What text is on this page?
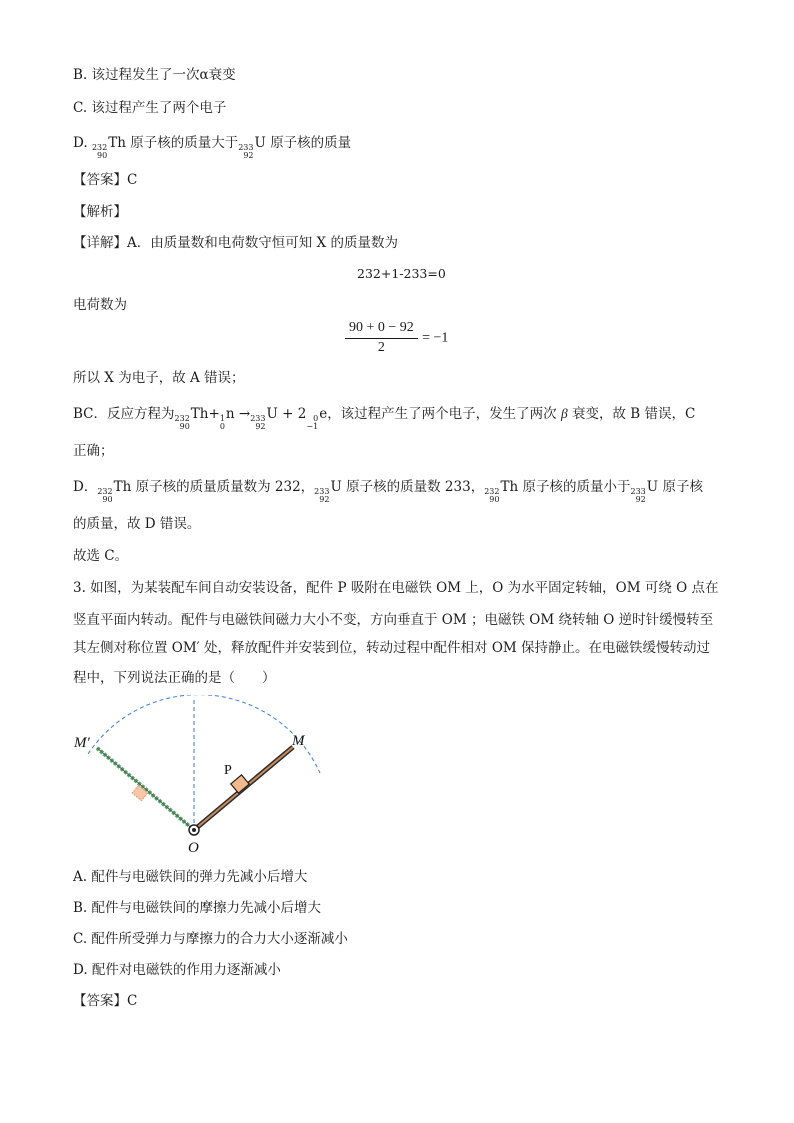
B. 该过程发生了一次α衰变
C. 该过程产生了两个电子
D. 232
90
Th 原子核的质量大于 233
92
U 原子核的质量
【答案】C
【解析】
【详解】A．由质量数和电荷数守恒可知 X 的质量数为
232+1-233=0
电荷数为
$\frac{90 + 0 - 92}{2} = -1$
所以 X 为电子，故 A 错误；
BC．反应方程为 232
90
Th+ 1
0
n → 233
92
U + 2 0
−1
e，该过程产生了两个电子，发生了两次 β 衰变，故 B 错误，C
正确；
D． 232
90
Th 原子核的质量质量数为 232， 233
92
U 原子核的质量数 233， 232
90
Th 原子核的质量小于 233
92
U 原子核
的质量，故 D 错误。
故选 C。
3. 如图，为某装配车间自动安装设备，配件 P 吸附在电磁铁 OM 上，O 为水平固定转轴，OM 可绕 O 点在
竖直平面内转动。配件与电磁铁间磁力大小不变，方向垂直于 OM ；电磁铁 OM 绕转轴 O 逆时针缓慢转至
其左侧对称位置 OM′ 处，释放配件并安装到位，转动过程中配件相对 OM 保持静止。在电磁铁缓慢转动过
程中，下列说法正确的是（　　）
M′	M
P
O
A. 配件与电磁铁间的弹力先减小后增大
B. 配件与电磁铁间的摩擦力先减小后增大
C. 配件所受弹力与摩擦力的合力大小逐渐减小
D. 配件对电磁铁的作用力逐渐减小
【答案】C
